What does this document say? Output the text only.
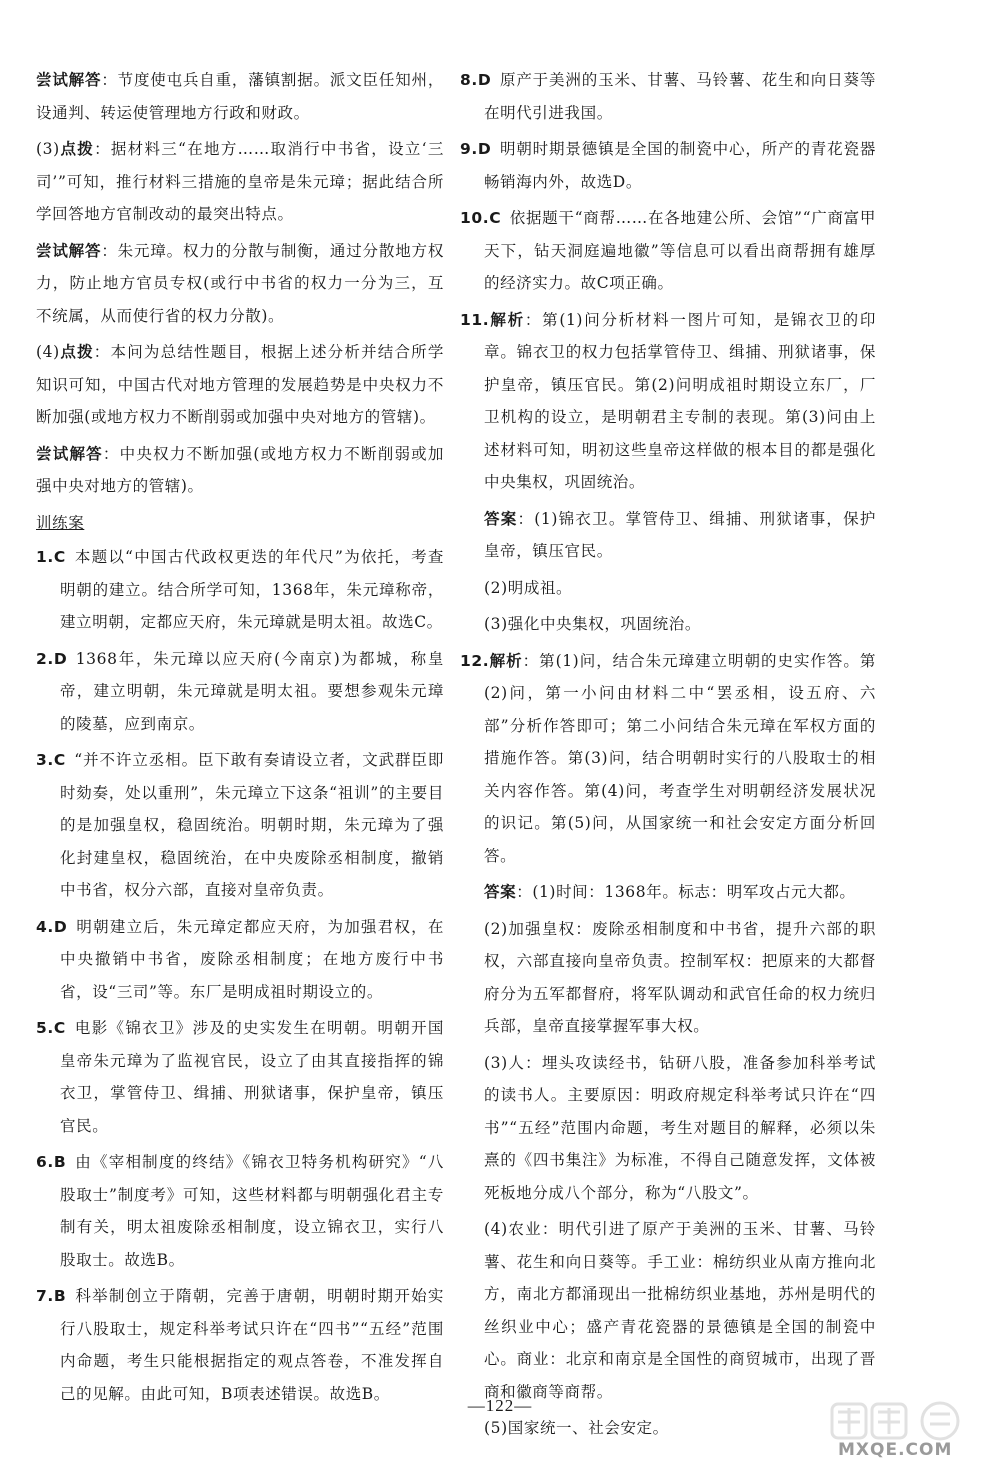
尝试解答：节度使屯兵自重，藩镇割据。派文臣任知州，设通判、转运使管理地方行政和财政。
(3)点拨：据材料三“在地方……取消行中书省，设立‘三司’”可知，推行材料三措施的皇帝是朱元璋；据此结合所学回答地方官制改动的最突出特点。
尝试解答：朱元璋。权力的分散与制衡，通过分散地方权力，防止地方官员专权(或行中书省的权力一分为三，互不统属，从而使行省的权力分散)。
(4)点拨：本问为总结性题目，根据上述分析并结合所学知识可知，中国古代对地方管理的发展趋势是中央权力不断加强(或地方权力不断削弱或加强中央对地方的管辖)。
尝试解答：中央权力不断加强(或地方权力不断削弱或加强中央对地方的管辖)。
训练案
1.C  本题以“中国古代政权更迭的年代尺”为依托，考查明朝的建立。结合所学可知，1368年，朱元璋称帝，建立明朝，定都应天府，朱元璋就是明太祖。故选C。
2.D  1368年，朱元璋以应天府(今南京)为都城，称皇帝，建立明朝，朱元璋就是明太祖。要想参观朱元璋的陵墓，应到南京。
3.C  “并不许立丞相。臣下敢有奏请设立者，文武群臣即时劾奏，处以重刑”，朱元璋立下这条“祖训”的主要目的是加强皇权，稳固统治。明朝时期，朱元璋为了强化封建皇权，稳固统治，在中央废除丞相制度，撤销中书省，权分六部，直接对皇帝负责。
4.D  明朝建立后，朱元璋定都应天府，为加强君权，在中央撤销中书省，废除丞相制度；在地方废行中书省，设“三司”等。东厂是明成祖时期设立的。
5.C  电影《锦衣卫》涉及的史实发生在明朝。明朝开国皇帝朱元璋为了监视官民，设立了由其直接指挥的锦衣卫，掌管侍卫、缉捕、刑狱诸事，保护皇帝，镇压官民。
6.B  由《宰相制度的终结》《锦衣卫特务机构研究》“八股取士”制度考》可知，这些材料都与明朝强化君主专制有关，明太祖废除丞相制度，设立锦衣卫，实行八股取士。故选B。
7.B  科举制创立于隋朝，完善于唐朝，明朝时期开始实行八股取士，规定科举考试只许在“四书”“五经”范围内命题，考生只能根据指定的观点答卷，不准发挥自己的见解。由此可知，B项表述错误。故选B。
8.D  原产于美洲的玉米、甘薯、马铃薯、花生和向日葵等在明代引进我国。
9.D  明朝时期景德镇是全国的制瓷中心，所产的青花瓷器畅销海内外，故选D。
10.C  依据题干“商帮……在各地建公所、会馆”“广商富甲天下，钻天洞庭遍地徽”等信息可以看出商帮拥有雄厚的经济实力。故C项正确。
11.解析：第(1)问分析材料一图片可知，是锦衣卫的印章。锦衣卫的权力包括掌管侍卫、缉捕、刑狱诸事，保护皇帝，镇压官民。第(2)问明成祖时期设立东厂，厂卫机构的设立，是明朝君主专制的表现。第(3)问由上述材料可知，明初这些皇帝这样做的根本目的都是强化中央集权，巩固统治。
答案：(1)锦衣卫。掌管侍卫、缉捕、刑狱诸事，保护皇帝，镇压官民。
(2)明成祖。
(3)强化中央集权，巩固统治。
12.解析：第(1)问，结合朱元璋建立明朝的史实作答。第(2)问，第一小问由材料二中“罢丞相，设五府、六部”分析作答即可；第二小问结合朱元璋在军权方面的措施作答。第(3)问，结合明朝时实行的八股取士的相关内容作答。第(4)问，考查学生对明朝经济发展状况的识记。第(5)问，从国家统一和社会安定方面分析回答。
答案：(1)时间：1368年。标志：明军攻占元大都。
(2)加强皇权：废除丞相制度和中书省，提升六部的职权，六部直接向皇帝负责。控制军权：把原来的大都督府分为五军都督府，将军队调动和武官任命的权力统归兵部，皇帝直接掌握军事大权。
(3)人：埋头攻读经书，钻研八股，准备参加科举考试的读书人。主要原因：明政府规定科举考试只许在“四书”“五经”范围内命题，考生对题目的解释，必须以朱熹的《四书集注》为标准，不得自己随意发挥，文体被死板地分成八个部分，称为“八股文”。
(4)农业：明代引进了原产于美洲的玉米、甘薯、马铃薯、花生和向日葵等。手工业：棉纺织业从南方推向北方，南北方都涌现出一批棉纺织业基地，苏州是明代的丝织业中心；盛产青花瓷器的景德镇是全国的制瓷中心。商业：北京和南京是全国性的商贸城市，出现了晋商和徽商等商帮。
(5)国家统一、社会安定。
—122—
MXQE.COM
